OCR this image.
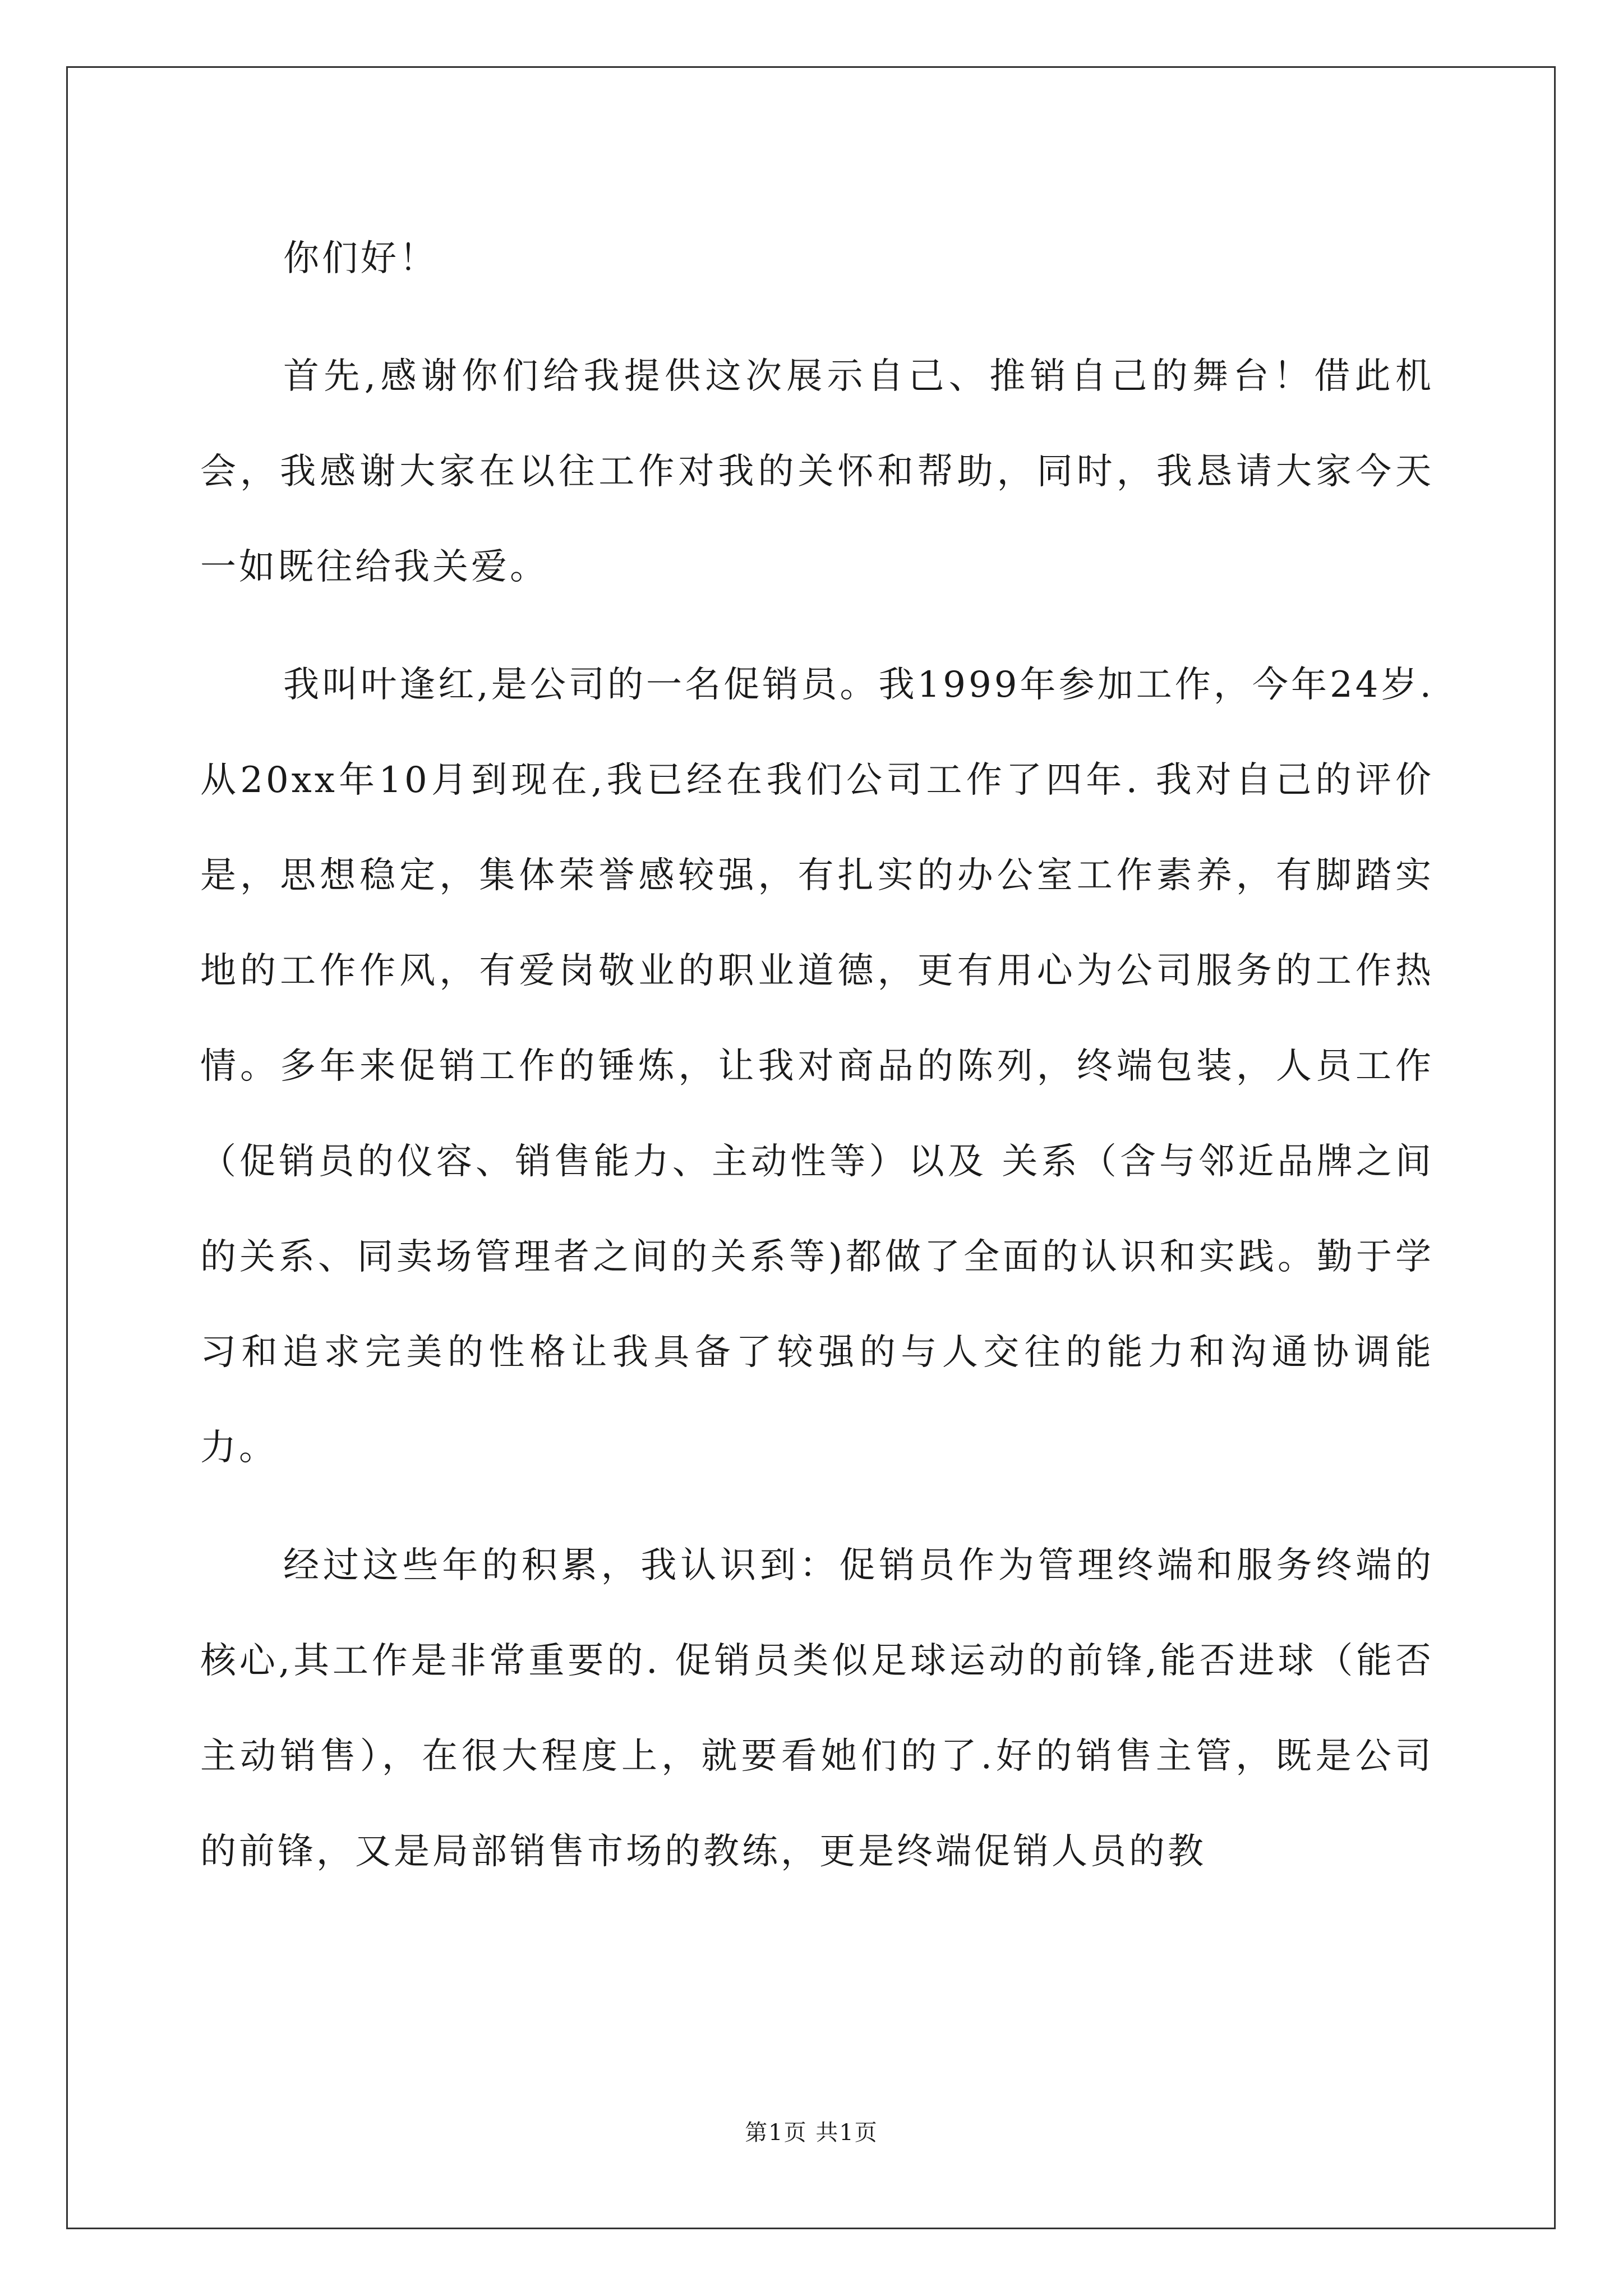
你们好！

首先,感谢你们给我提供这次展示自己、推销自己的舞台！借此机会，我感谢大家在以往工作对我的关怀和帮助，同时，我恳请大家今天一如既往给我关爱。

我叫叶逢红,是公司的一名促销员。我1999年参加工作，今年24岁.从20xx年10月到现在,我已经在我们公司工作了四年. 我对自己的评价是，思想稳定，集体荣誉感较强，有扎实的办公室工作素养，有脚踏实地的工作作风，有爱岗敬业的职业道德，更有用心为公司服务的工作热情。多年来促销工作的锤炼，让我对商品的陈列，终端包装，人员工作（促销员的仪容、销售能力、主动性等）以及 关系（含与邻近品牌之间的关系、同卖场管理者之间的关系等)都做了全面的认识和实践。勤于学习和追求完美的性格让我具备了较强的与人交往的能力和沟通协调能力。

经过这些年的积累，我认识到：促销员作为管理终端和服务终端的核心,其工作是非常重要的. 促销员类似足球运动的前锋,能否进球（能否主动销售），在很大程度上，就要看她们的了.好的销售主管，既是公司的前锋，又是局部销售市场的教练，更是终端促销人员的教

第1页 共1页
